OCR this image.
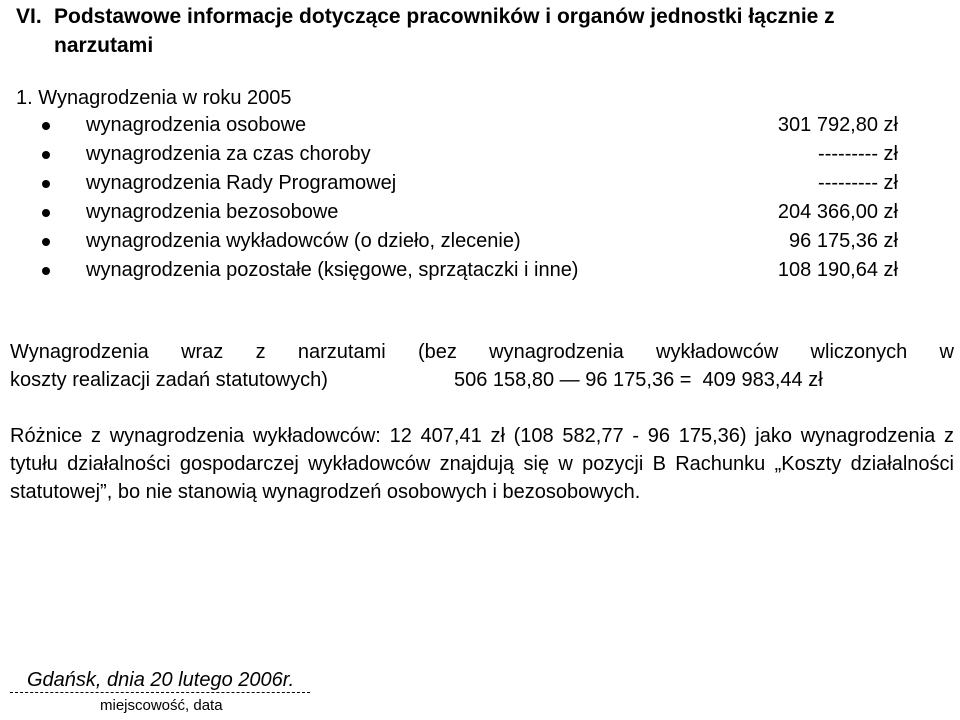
VI. Podstawowe informacje dotyczące pracowników i organów jednostki łącznie z
narzutami
1. Wynagrodzenia w roku 2005
wynagrodzenia osobowe	301 792,80 zł
wynagrodzenia za czas choroby	--------- zł
wynagrodzenia Rady Programowej	--------- zł
wynagrodzenia bezosobowe	204 366,00 zł
wynagrodzenia wykładowców (o dzieło, zlecenie)	96 175,36 zł
wynagrodzenia pozostałe (księgowe, sprzątaczki i inne)	108 190,64 zł
Wynagrodzenia wraz z narzutami (bez wynagrodzenia wykładowców wliczonych w
koszty realizacji zadań statutowych)	506 158,80 — 96 175,36 =  409 983,44 zł
Różnice z wynagrodzenia wykładowców: 12 407,41 zł (108 582,77 - 96 175,36) jako wynagrodzenia z tytułu działalności gospodarczej wykładowców znajdują się w pozycji B Rachunku „Koszty działalności statutowej”, bo nie stanowią wynagrodzeń osobowych i bezosobowych.
Gdańsk, dnia 20 lutego 2006r.
miejscowość, data
